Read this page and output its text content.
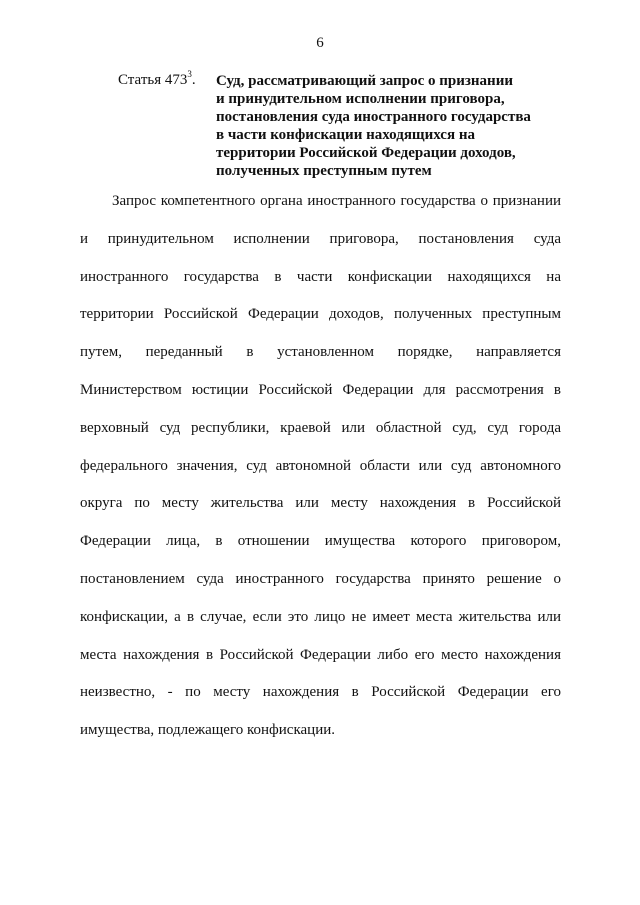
6
Статья $473^3$. Суд, рассматривающий запрос о признании
и принудительном исполнении приговора,
постановления суда иностранного государства
в части конфискации находящихся на
территории Российской Федерации доходов,
полученных преступным путем
Запрос компетентного органа иностранного государства о признании
и принудительном исполнении приговора, постановления суда
иностранного государства в части конфискации находящихся на
территории Российской Федерации доходов, полученных преступным
путем, переданный в установленном порядке, направляется
Министерством юстиции Российской Федерации для рассмотрения в
верховный суд республики, краевой или областной суд, суд города
федерального значения, суд автономной области или суд автономного
округа по месту жительства или месту нахождения в Российской
Федерации лица, в отношении имущества которого приговором,
постановлением суда иностранного государства принято решение о
конфискации, а в случае, если это лицо не имеет места жительства или
места нахождения в Российской Федерации либо его место нахождения
неизвестно, - по месту нахождения в Российской Федерации его
имущества, подлежащего конфискации.
